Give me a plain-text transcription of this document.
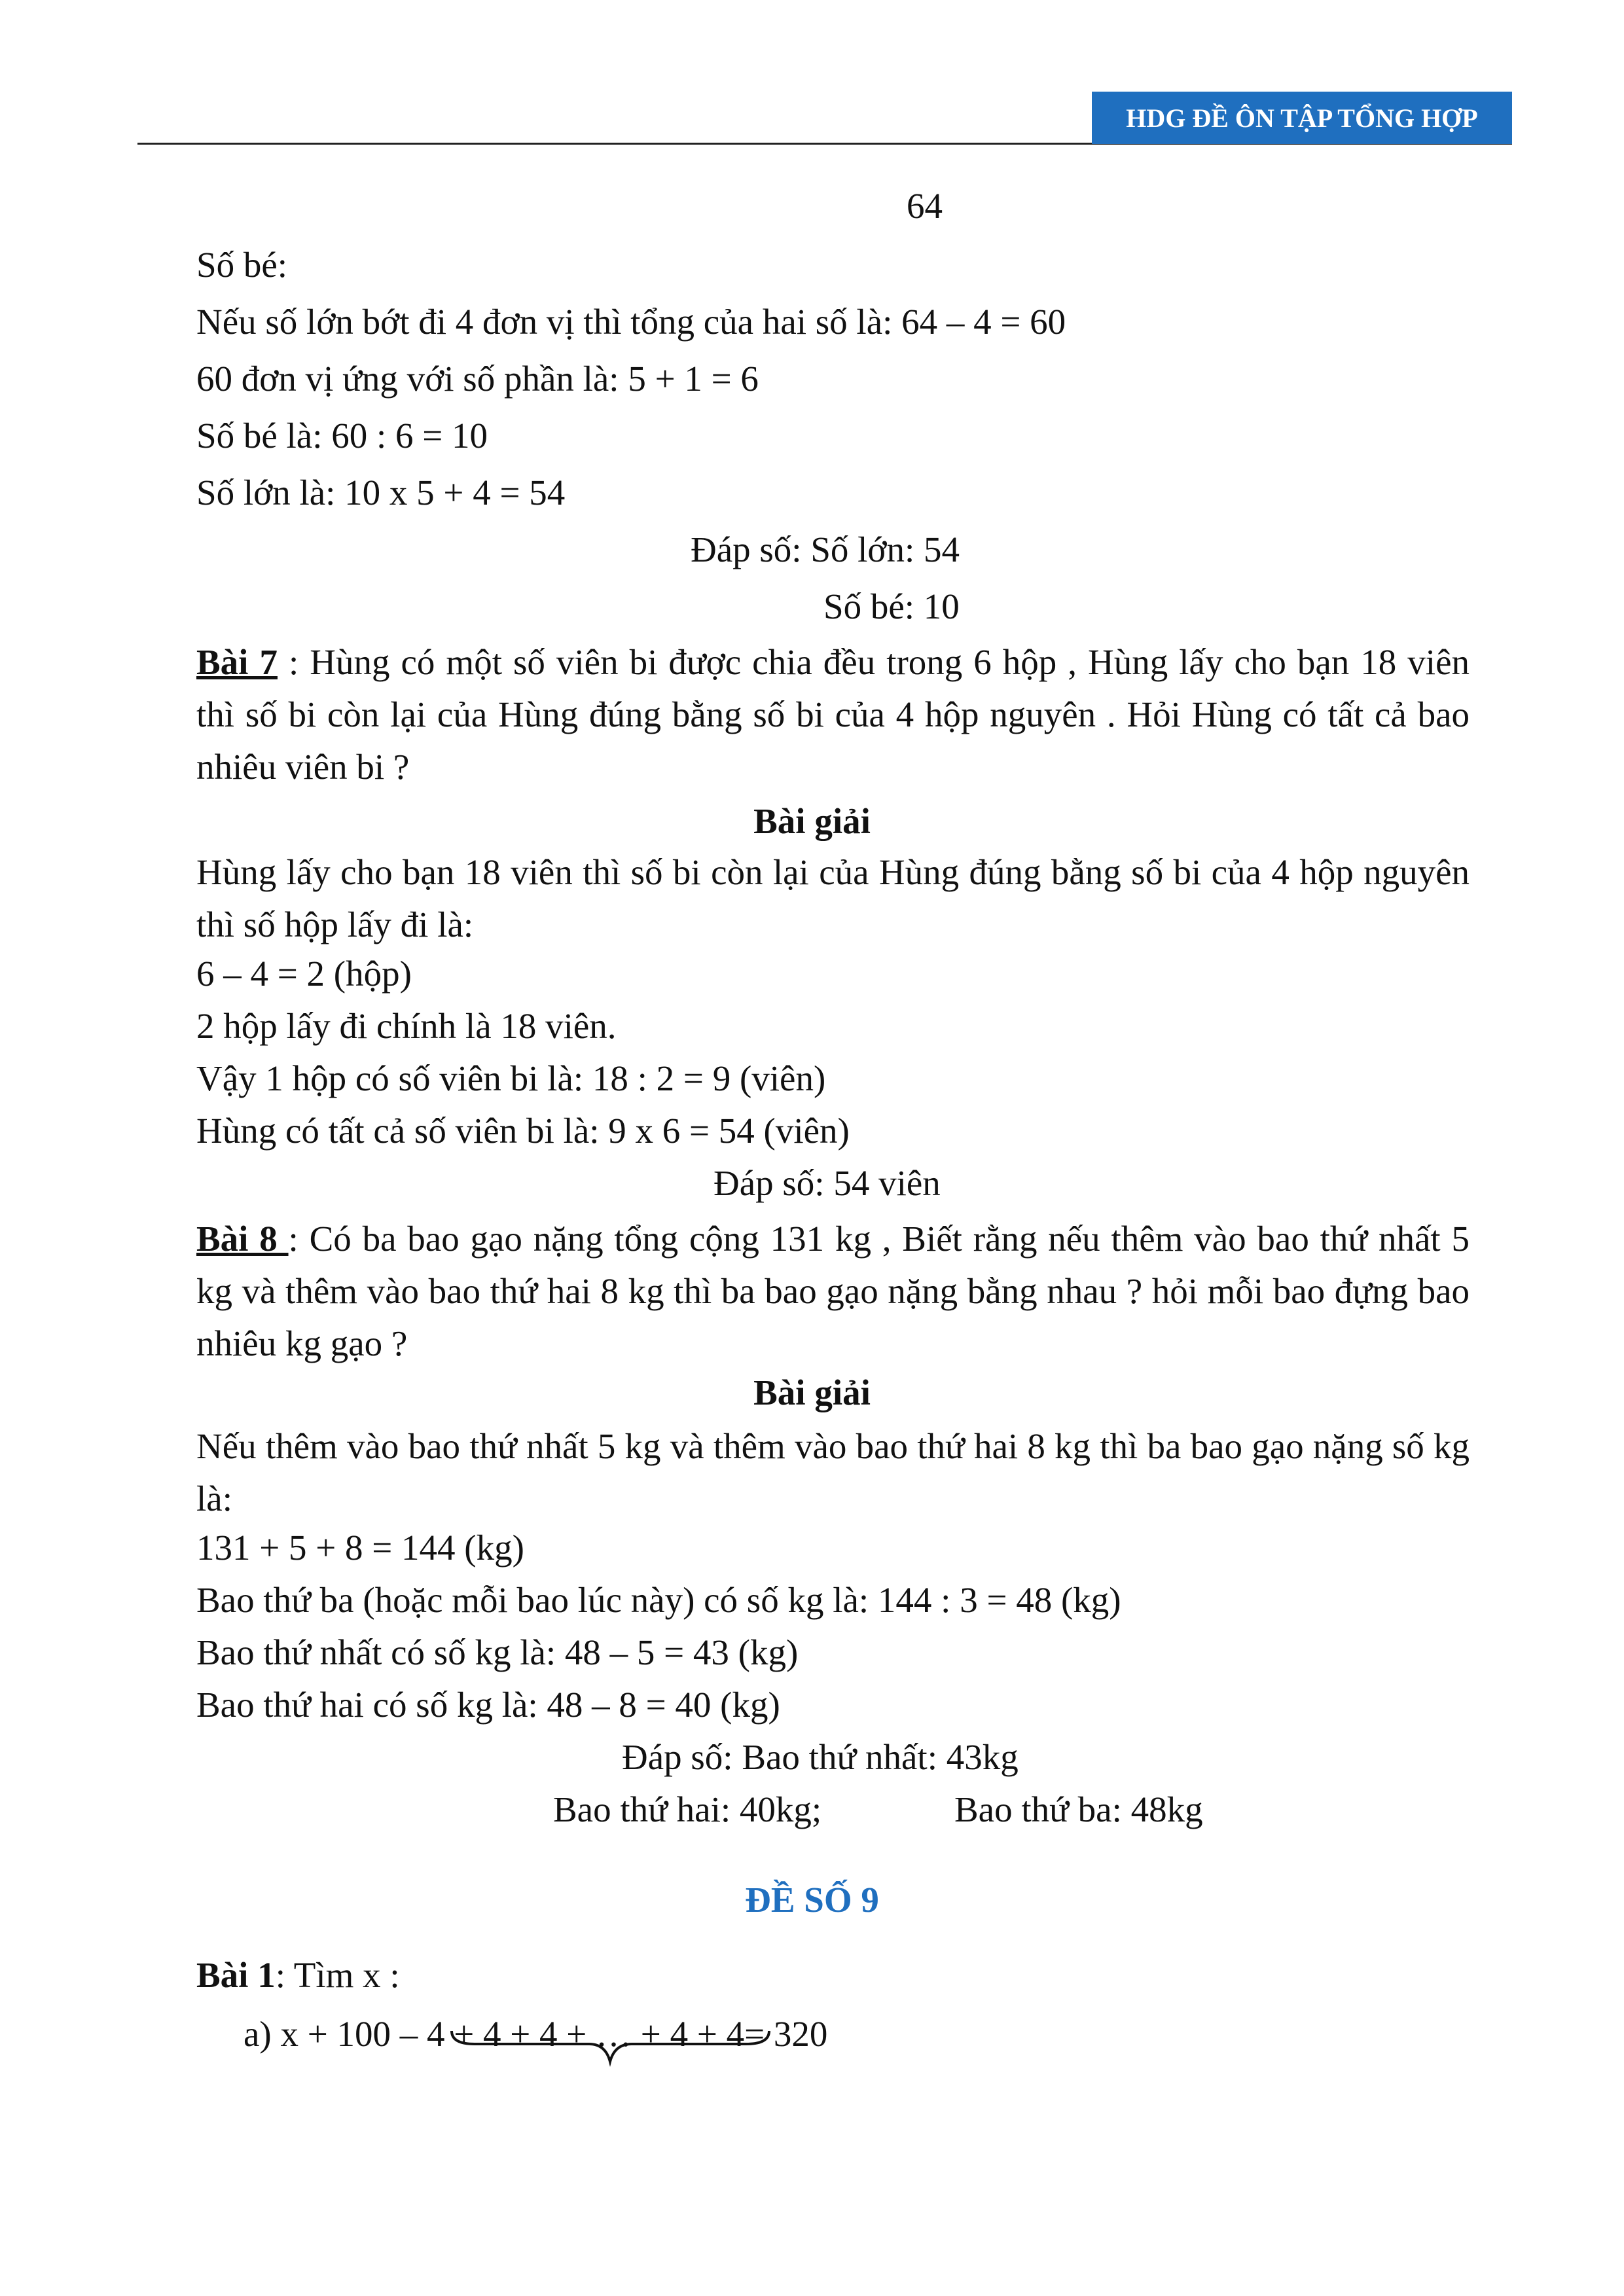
HDG ĐỀ ÔN TẬP TỔNG HỢP
64
Số bé:
Nếu số lớn bớt đi 4 đơn vị thì tổng của hai số là: 64 – 4 = 60
60 đơn vị ứng với số phần là: 5 + 1 = 6
Số bé là: 60 : 6 = 10
Số lớn là: 10 x 5 + 4 = 54
Đáp số: Số lớn: 54
Số bé: 10
Bài 7 : Hùng có một số viên bi được chia đều trong 6 hộp , Hùng lấy cho bạn 18 viên thì số bi còn lại của Hùng đúng bằng số bi của 4 hộp nguyên . Hỏi Hùng có tất cả bao nhiêu viên bi ?
Bài giải
Hùng lấy cho bạn 18 viên thì số bi còn lại của Hùng đúng bằng số bi của 4 hộp nguyên thì số hộp lấy đi là:
6 – 4 = 2 (hộp)
2 hộp lấy đi chính là 18 viên.
Vậy 1 hộp có số viên bi là: 18 : 2 = 9 (viên)
Hùng có tất cả số viên bi là: 9 x 6 = 54 (viên)
Đáp số: 54 viên
Bài 8 : Có ba bao gạo nặng tổng cộng 131 kg , Biết rằng nếu thêm vào bao thứ nhất 5 kg và thêm vào bao thứ hai 8 kg thì ba bao gạo nặng bằng nhau ? hỏi mỗi bao đựng bao nhiêu kg gạo ?
Bài giải
Nếu thêm vào bao thứ nhất 5 kg và thêm vào bao thứ hai 8 kg thì ba bao gạo nặng số kg là:
131 + 5 + 8 = 144 (kg)
Bao thứ ba (hoặc mỗi bao lúc này) có số kg là: 144 : 3 = 48 (kg)
Bao thứ nhất có số kg là: 48 – 5 = 43 (kg)
Bao thứ hai có số kg là: 48 – 8 = 40 (kg)
Đáp số: Bao thứ nhất: 43kg
Bao thứ hai: 40kg;	Bao thứ ba: 48kg
ĐỀ SỐ 9
Bài 1: Tìm x :
a) x + 100 – 4 + 4 + 4 + … + 4 + 4= 320
